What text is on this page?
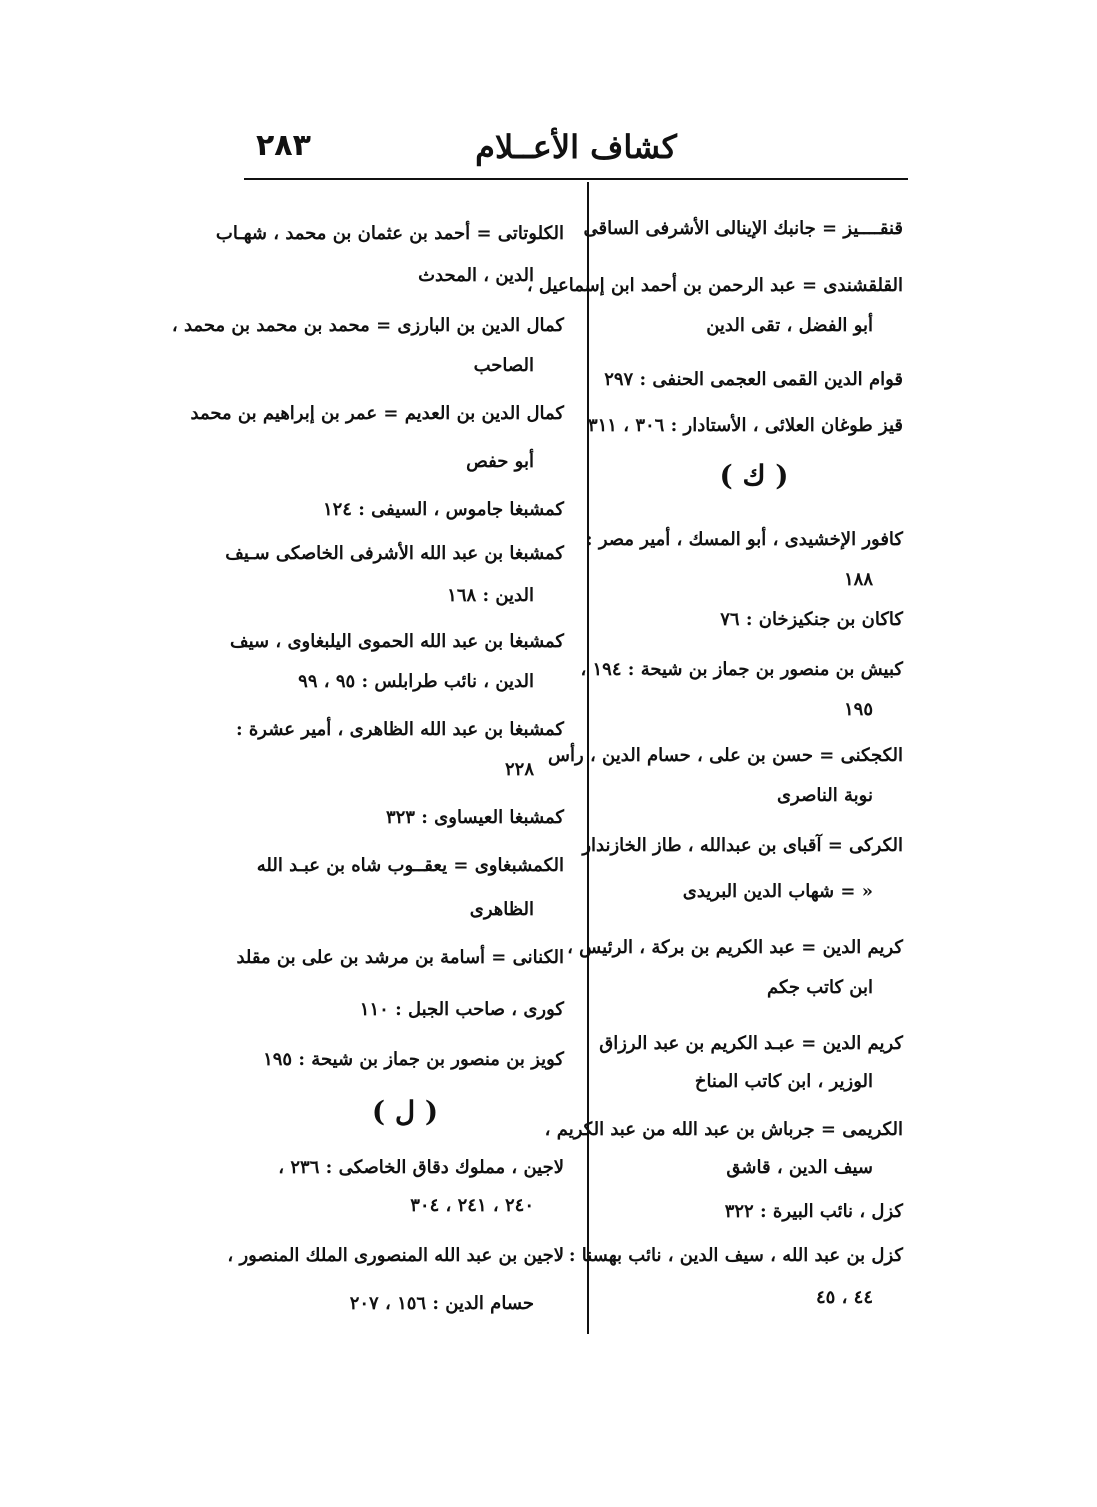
٢٨٣	كشاف الأعــلام
قنقــــيز = جانبك الإينالى الأشرفى الساقى
القلقشندى = عبد الرحمن بن أحمد ابن إسماعيل ،
أبو الفضل ، تقى الدين
قوام الدين القمى العجمى الحنفى : ٢٩٧
قيز طوغان العلائى ، الأستادار : ٣٠٦ ، ٣١١
( ك )
كافور الإخشيدى ، أبو المسك ، أمير مصر :
١٨٨
كاكان بن جنكيزخان : ٧٦
كبيش بن منصور بن جماز بن شيحة : ١٩٤ ،
١٩٥
الكجكنى = حسن بن على ، حسام الدين ، رأس
نوبة الناصرى
الكركى = آقباى بن عبدالله ، طاز الخازندار
« = شهاب الدين البريدى
كريم الدين = عبد الكريم بن بركة ، الرئيس ،
ابن كاتب جكم
كريم الدين = عبـد الكريم بن عبد الرزاق
الوزير ، ابن كاتب المناخ
الكريمى = جرباش بن عبد الله من عبد الكريم ،
سيف الدين ، قاشق
كزل ، نائب البيرة : ٣٢٢
كزل بن عبد الله ، سيف الدين ، نائب بهسنا :
٤٤ ، ٤٥
الكلوتاتى = أحمد بن عثمان بن محمد ، شهـاب
الدين ، المحدث
كمال الدين بن البارزى = محمد بن محمد بن محمد ،
الصاحب
كمال الدين بن العديم = عمر بن إبراهيم بن محمد
أبو حفص
كمشبغا جاموس ، السيفى : ١٢٤
كمشبغا بن عبد الله الأشرفى الخاصكى سـيف
الدين : ١٦٨
كمشبغا بن عبد الله الحموى اليلبغاوى ، سيف
الدين ، نائب طرابلس : ٩٥ ، ٩٩
كمشبغا بن عبد الله الظاهرى ، أمير عشرة :
٢٢٨
كمشبغا العيساوى : ٣٢٣
الكمشبغاوى = يعقــوب شاه بن عبـد الله
الظاهرى
الكنانى = أسامة بن مرشد بن على بن مقلد
كورى ، صاحب الجبل : ١١٠
كويز بن منصور بن جماز بن شيحة : ١٩٥
( ل )
لاجين ، مملوك دقاق الخاصكى : ٢٣٦ ،
٢٤٠ ، ٢٤١ ، ٣٠٤
لاجين بن عبد الله المنصورى الملك المنصور ،
حسام الدين : ١٥٦ ، ٢٠٧
